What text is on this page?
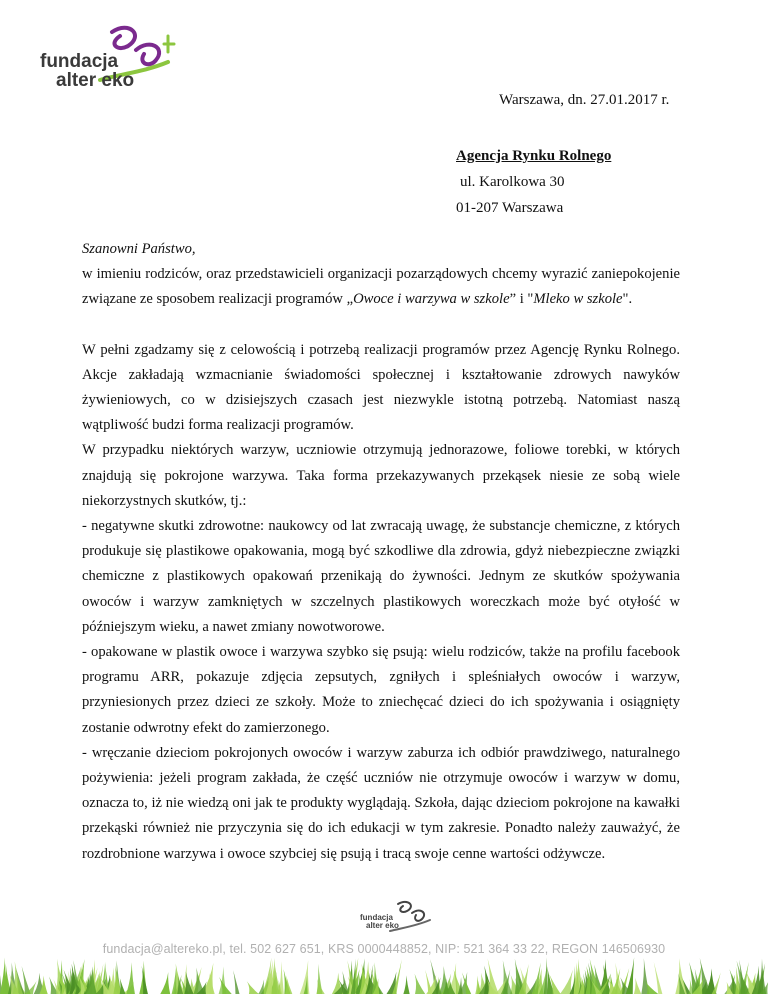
fundacja
alter eko
Warszawa, dn. 27.01.2017 r.
Agencja Rynku Rolnego
ul. Karolkowa 30
01-207 Warszawa

Szanowni Państwo,

w imieniu rodziców, oraz przedstawicieli organizacji pozarządowych chcemy wyrazić zaniepokojenie związane ze sposobem realizacji programów „Owoce i warzywa w szkole” i "Mleko w szkole".

W pełni zgadzamy się z celowością i potrzebą realizacji programów przez Agencję Rynku Rolnego. Akcje zakładają wzmacnianie świadomości społecznej i kształtowanie zdrowych nawyków żywieniowych, co w dzisiejszych czasach jest niezwykle istotną potrzebą. Natomiast naszą wątpliwość budzi forma realizacji programów.

W przypadku niektórych warzyw, uczniowie otrzymują jednorazowe, foliowe torebki, w których znajdują się pokrojone warzywa. Taka forma przekazywanych przekąsek niesie ze sobą wiele niekorzystnych skutków, tj.:

- negatywne skutki zdrowotne: naukowcy od lat zwracają uwagę, że substancje chemiczne, z których produkuje się plastikowe opakowania, mogą być szkodliwe dla zdrowia, gdyż niebezpieczne związki chemiczne z plastikowych opakowań przenikają do żywności. Jednym ze skutków spożywania owoców i warzyw zamkniętych w szczelnych plastikowych woreczkach może być otyłość w późniejszym wieku, a nawet zmiany nowotworowe.

- opakowane w plastik owoce i warzywa szybko się psują: wielu rodziców, także na profilu facebook programu ARR, pokazuje zdjęcia zepsutych, zgniłych i spleśniałych owoców i warzyw, przyniesionych przez dzieci ze szkoły. Może to zniechęcać dzieci do ich spożywania i osiągnięty zostanie odwrotny efekt do zamierzonego.

- wręczanie dzieciom pokrojonych owoców i warzyw zaburza ich odbiór prawdziwego, naturalnego pożywienia: jeżeli program zakłada, że część uczniów nie otrzymuje owoców i warzyw w domu, oznacza to, iż nie wiedzą oni jak te produkty wyglądają. Szkoła, dając dzieciom pokrojone na kawałki przekąski również nie przyczynia się do ich edukacji w tym zakresie. Ponadto należy zauważyć, że rozdrobnione warzywa i owoce szybciej się psują i tracą swoje cenne wartości odżywcze.

fundacja
alter eko
fundacja@altereko.pl, tel. 502 627 651, KRS 0000448852, NIP: 521 364 33 22, REGON 146506930
